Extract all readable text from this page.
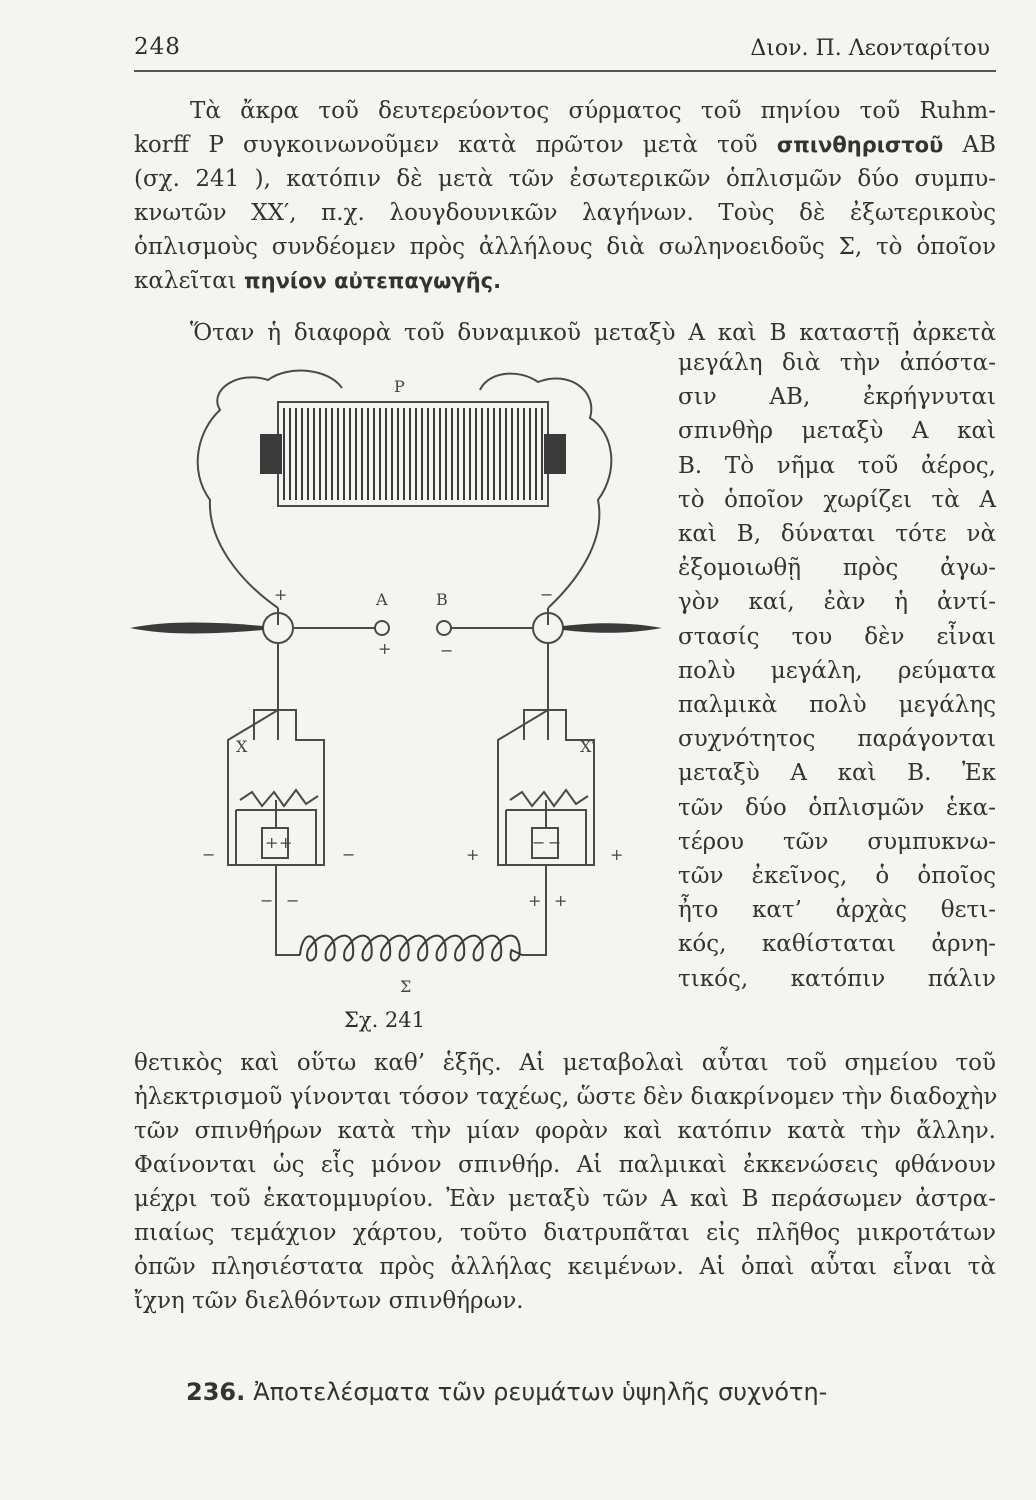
248	Διον. Π. Λεονταρίτου
Τὰ ἄκρα τοῦ δευτερεύοντος σύρματος τοῦ πηνίου τοῦ Ruhm-
korff P συγκοινωνοῦμεν κατὰ πρῶτον μετὰ τοῦ σπινθηριστοῦ AB
(σχ. 241 ), κατόπιν δὲ μετὰ τῶν ἐσωτερικῶν ὁπλισμῶν δύο συμπυ-
κνωτῶν XX′, π.χ. λουγδουνικῶν λαγήνων. Τοὺς δὲ ἐξωτερικοὺς
ὁπλισμοὺς συνδέομεν πρὸς ἀλλήλους διὰ σωληνοειδοῦς Σ, τὸ ὁποῖον
καλεῖται πηνίον αὐτεπαγωγῆς.
Ὅταν ἡ διαφορὰ τοῦ δυναμικοῦ μεταξὺ A καὶ B καταστῇ ἀρκετὰ
μεγάλη διὰ τὴν ἀπόστα-
σιν AB, ἐκρήγνυται
σπινθὴρ μεταξὺ A καὶ
B. Τὸ νῆμα τοῦ ἀέρος,
τὸ ὁποῖον χωρίζει τὰ A
καὶ B, δύναται τότε νὰ
ἐξομοιωθῇ πρὸς ἀγω-
γὸν καί, ἐὰν ἡ ἀντί-
στασίς του δὲν εἶναι
πολὺ μεγάλη, ρεύματα
παλμικὰ πολὺ μεγάλης
συχνότητος παράγονται
μεταξὺ A καὶ B. Ἐκ
τῶν δύο ὁπλισμῶν ἑκα-
τέρου τῶν συμπυκνω-
τῶν ἐκεῖνος, ὁ ὁποῖος
ἦτο κατ’ ἀρχὰς θετι-
κός, καθίσταται ἀρνη-
τικός, κατόπιν πάλιν
P
A	B
X	X′
Σ
+	−
+	−
−	−	+	+
+ +	− −
− −	+ +
Σχ. 241
θετικὸς καὶ οὕτω καθ’ ἑξῆς. Αἱ μεταβολαὶ αὗται τοῦ σημείου τοῦ
ἠλεκτρισμοῦ γίνονται τόσον ταχέως, ὥστε δὲν διακρίνομεν τὴν διαδοχὴν
τῶν σπινθήρων κατὰ τὴν μίαν φορὰν καὶ κατόπιν κατὰ τὴν ἄλλην.
Φαίνονται ὡς εἷς μόνον σπινθήρ. Αἱ παλμικαὶ ἐκκενώσεις φθάνουν
μέχρι τοῦ ἑκατομμυρίου. Ἐὰν μεταξὺ τῶν A καὶ B περάσωμεν ἀστρα-
πιαίως τεμάχιον χάρτου, τοῦτο διατρυπᾶται εἰς πλῆθος μικροτάτων
ὀπῶν πλησιέστατα πρὸς ἀλλήλας κειμένων. Αἱ ὀπαὶ αὗται εἶναι τὰ
ἴχνη τῶν διελθόντων σπινθήρων.
236. Ἀποτελέσματα τῶν ρευμάτων ὑψηλῆς συχνότη-
